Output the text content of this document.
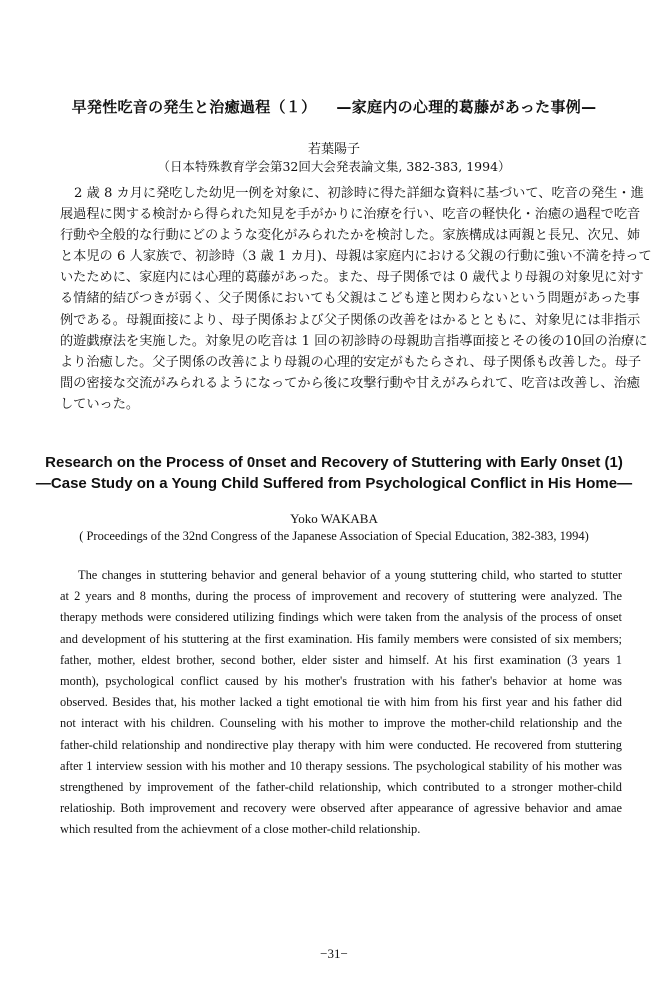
早発性吃音の発生と治癒過程（１） —家庭内の心理的葛藤があった事例—
若葉陽子
（日本特殊教育学会第32回大会発表論文集, 382-383, 1994）
2 歳 8 カ月に発吃した幼児一例を対象に、初診時に得た詳細な資料に基づいて、吃音の発生・進
展過程に関する検討から得られた知見を手がかりに治療を行い、吃音の軽快化・治癒の過程で吃音
行動や全般的な行動にどのような変化がみられたかを検討した。家族構成は両親と長兄、次兄、姉
と本児の 6 人家族で、初診時（3 歳 1 カ月)、母親は家庭内における父親の行動に強い不満を持って
いたために、家庭内には心理的葛藤があった。また、母子関係では 0 歳代より母親の対象児に対す
る情緒的結びつきが弱く、父子関係においても父親はこども達と関わらないという問題があった事
例である。母親面接により、母子関係および父子関係の改善をはかるとともに、対象児には非指示
的遊戯療法を実施した。対象児の吃音は 1 回の初診時の母親助言指導面接とその後の10回の治療に
より治癒した。父子関係の改善により母親の心理的安定がもたらされ、母子関係も改善した。母子
間の密接な交流がみられるようになってから後に攻撃行動や甘えがみられて、吃音は改善し、治癒
していった。
Research on the Process of 0nset and Recovery of Stuttering with Early 0nset (1)
—Case Study on a Young Child Suffered from Psychological Conflict in His Home—
Yoko WAKABA
( Proceedings of the 32nd Congress of the Japanese Association of Special Education, 382-383, 1994)
The changes in stuttering behavior and general behavior of a young stuttering child, who started to stutter
at 2 years and 8 months, during the process of improvement and recovery of stuttering were analyzed. The
therapy methods were considered utilizing findings which were taken from the analysis of the process of onset
and development of his stuttering at the first examination. His family members were consisted of six members;
father, mother, eldest brother, second bother, elder sister and himself. At his first examination (3 years 1
month), psychological conflict caused by his mother's frustration with his father's behavior at home was
observed. Besides that, his mother lacked a tight emotional tie with him from his first year and his father did
not interact with his children. Counseling with his mother to improve the mother-child relationship and the
father-child relationship and nondirective play therapy with him were conducted. He recovered from stuttering
after 1 interview session with his mother and 10 therapy sessions. The psychological stability of his mother was
strengthened by improvement of the father-child relationship, which contributed to a stronger mother-child
relatioship. Both improvement and recovery were observed after appearance of agressive behavior and amae
which resulted from the achievment of a close mother-child relationship.
−31−
